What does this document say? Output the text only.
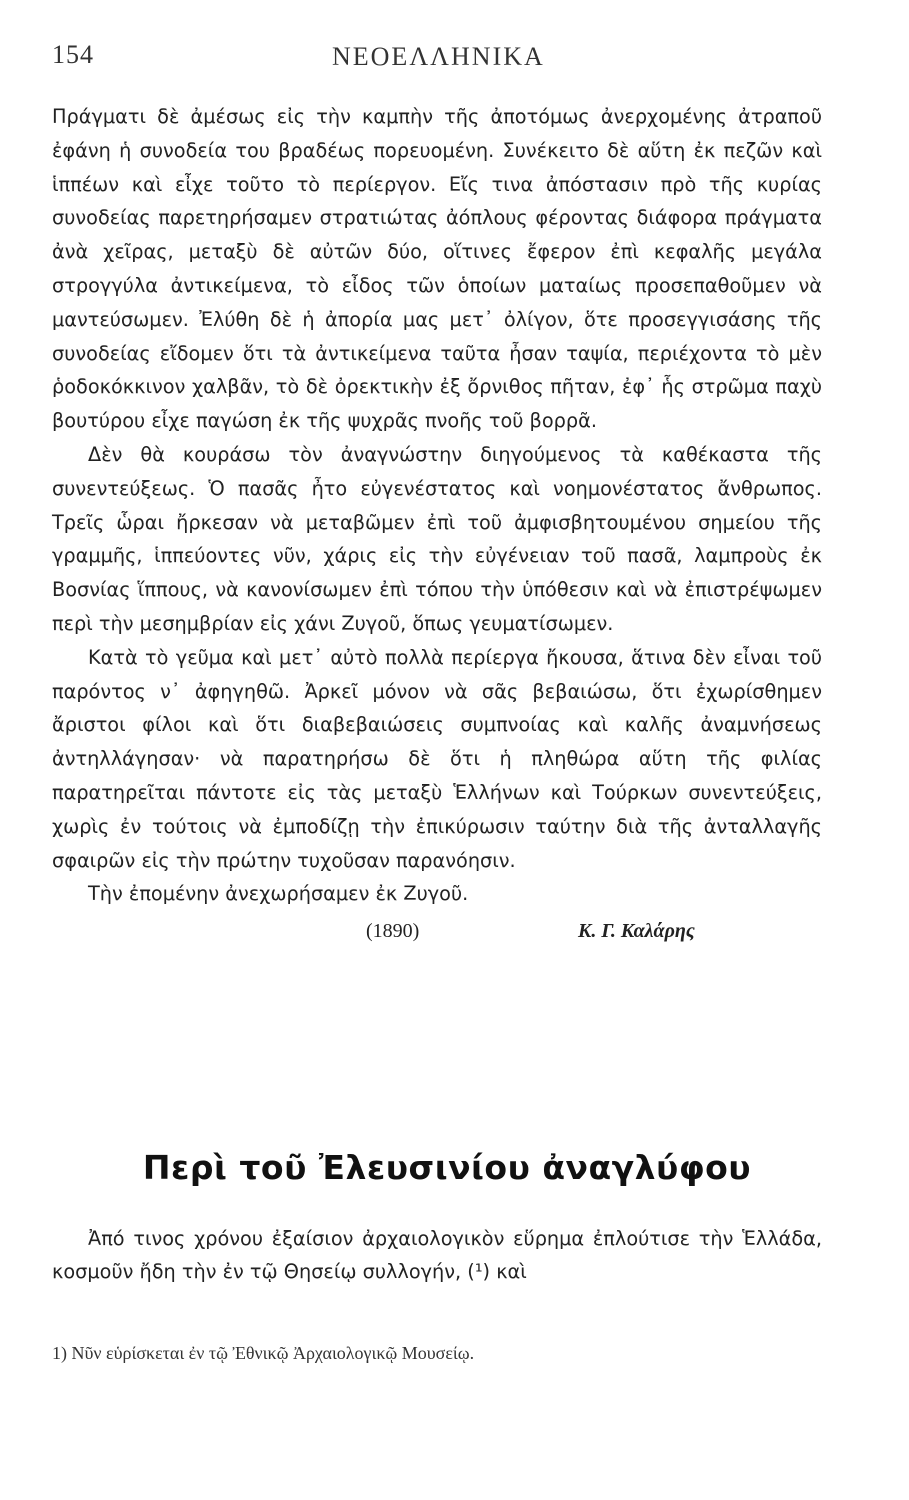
154	ΝΕΟΕΛΛΗΝΙΚΑ

Πράγματι δὲ ἀμέσως εἰς τὴν καμπὴν τῆς ἀποτόμως ἀνερχομένης ἀτραποῦ ἐφάνη ἡ συνοδεία του βραδέως πορευομένη. Συνέκειτο δὲ αὕτη ἐκ πεζῶν καὶ ἱππέων καὶ εἶχε τοῦτο τὸ περίεργον. Εἴς τινα ἀπόστασιν πρὸ τῆς κυρίας συνοδείας παρετηρήσαμεν στρατιώτας ἀόπλους φέροντας διάφορα πράγματα ἀνὰ χεῖρας, μεταξὺ δὲ αὐτῶν δύο, οἵτινες ἔφερον ἐπὶ κεφαλῆς μεγάλα στρογγύλα ἀντικείμενα, τὸ εἶδος τῶν ὁποίων ματαίως προσεπαθοῦμεν νὰ μαντεύσωμεν. Ἐλύθη δὲ ἡ ἀπορία μας μετ᾿ ὀλίγον, ὅτε προσεγγισάσης τῆς συνοδείας εἴδομεν ὅτι τὰ ἀντικείμενα ταῦτα ἦσαν ταψία, περιέχοντα τὸ μὲν ῥοδοκόκκινον χαλβᾶν, τὸ δὲ ὀρεκτικὴν ἐξ ὄρνιθος πῆταν, ἐφ᾿ ἧς στρῶμα παχὺ βουτύρου εἶχε παγώση ἐκ τῆς ψυχρᾶς πνοῆς τοῦ βορρᾶ.

Δὲν θὰ κουράσω τὸν ἀναγνώστην διηγούμενος τὰ καθέκαστα τῆς συνεντεύξεως. Ὁ πασᾶς ἦτο εὐγενέστατος καὶ νοημονέστατος ἄνθρωπος. Τρεῖς ὧραι ἤρκεσαν νὰ μεταβῶμεν ἐπὶ τοῦ ἀμφισβητουμένου σημείου τῆς γραμμῆς, ἱππεύοντες νῦν, χάρις εἰς τὴν εὐγένειαν τοῦ πασᾶ, λαμπροὺς ἐκ Βοσνίας ἵππους, νὰ κανονίσωμεν ἐπὶ τόπου τὴν ὑπόθεσιν καὶ νὰ ἐπιστρέψωμεν περὶ τὴν μεσημβρίαν εἰς χάνι Ζυγοῦ, ὅπως γευματίσωμεν.

Κατὰ τὸ γεῦμα καὶ μετ᾿ αὐτὸ πολλὰ περίεργα ἤκουσα, ἅτινα δὲν εἶναι τοῦ παρόντος ν᾿ ἀφηγηθῶ. Ἀρκεῖ μόνον νὰ σᾶς βεβαιώσω, ὅτι ἐχωρίσθημεν ἄριστοι φίλοι καὶ ὅτι διαβεβαιώσεις συμπνοίας καὶ καλῆς ἀναμνήσεως ἀντηλλάγησαν· νὰ παρατηρήσω δὲ ὅτι ἡ πληθώρα αὕτη τῆς φιλίας παρατηρεῖται πάντοτε εἰς τὰς μεταξὺ Ἑλλήνων καὶ Τούρκων συνεντεύξεις, χωρὶς ἐν τούτοις νὰ ἐμποδίζῃ τὴν ἐπικύρωσιν ταύτην διὰ τῆς ἀνταλλαγῆς σφαιρῶν εἰς τὴν πρώτην τυχοῦσαν παρανόησιν.

Τὴν ἐπομένην ἀνεχωρήσαμεν ἐκ Ζυγοῦ.

(1890)	Κ. Γ. Καλάρης
Περὶ τοῦ Ἐλευσινίου ἀναγλύφου

Ἀπό τινος χρόνου ἐξαίσιον ἀρχαιολογικὸν εὕρημα ἐπλούτισε τὴν Ἑλλάδα, κοσμοῦν ἤδη τὴν ἐν τῷ Θησείῳ συλλογήν, (¹) καὶ

1) Νῦν εὑρίσκεται ἐν τῷ Ἐθνικῷ Ἀρχαιολογικῷ Μουσείῳ.
